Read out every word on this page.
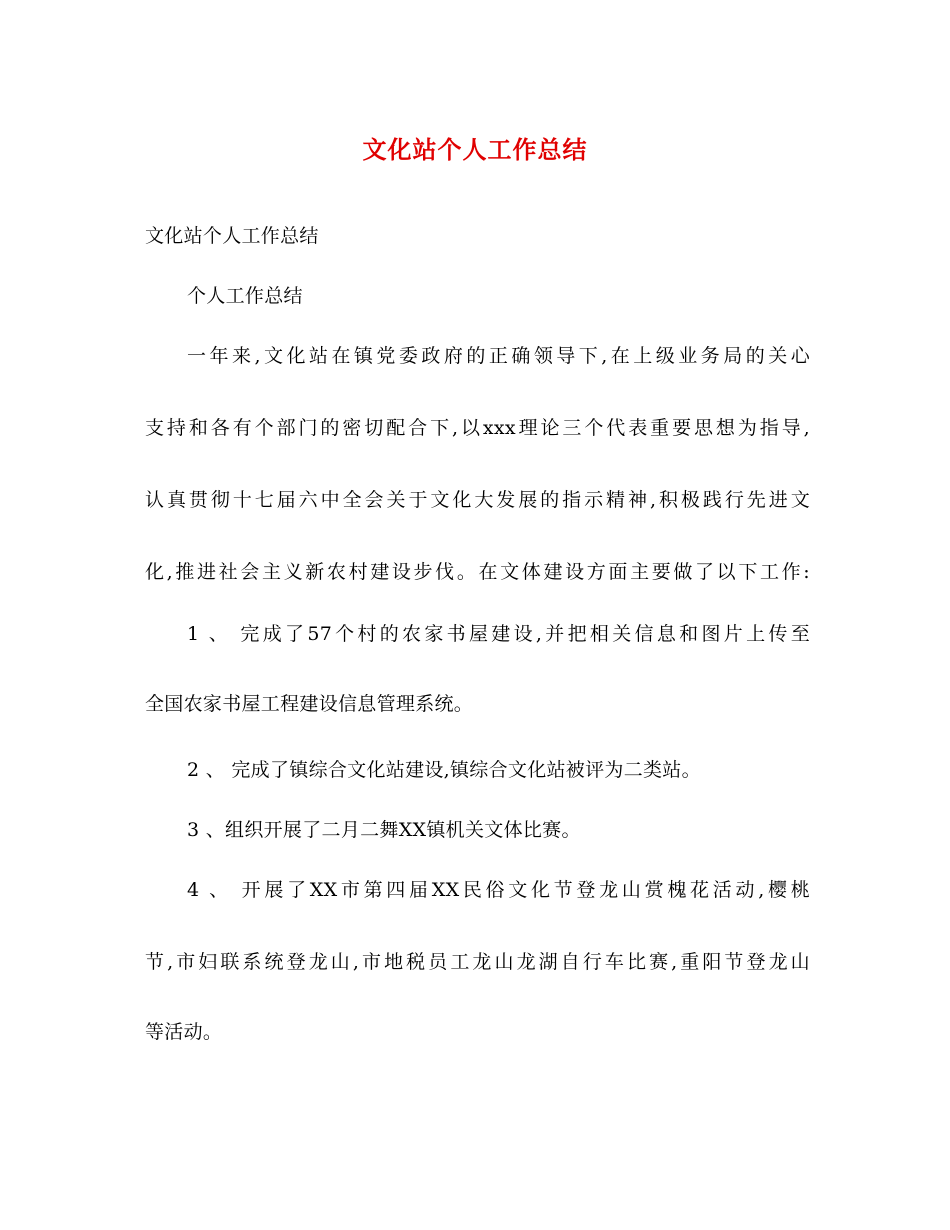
文化站个人工作总结
文化站个人工作总结
个人工作总结
一年来,文化站在镇党委政府的正确领导下,在上级业务局的关心
支持和各有个部门的密切配合下,以xxx理论三个代表重要思想为指导,
认真贯彻十七届六中全会关于文化大发展的指示精神,积极践行先进文
化,推进社会主义新农村建设步伐。在文体建设方面主要做了以下工作:
1 、 完成了57个村的农家书屋建设,并把相关信息和图片上传至
全国农家书屋工程建设信息管理系统。
2 、 完成了镇综合文化站建设,镇综合文化站被评为二类站。
3 、组织开展了二月二舞XX镇机关文体比赛。
4 、 开展了XX市第四届XX民俗文化节登龙山赏槐花活动,樱桃
节,市妇联系统登龙山,市地税员工龙山龙湖自行车比赛,重阳节登龙山
等活动。
